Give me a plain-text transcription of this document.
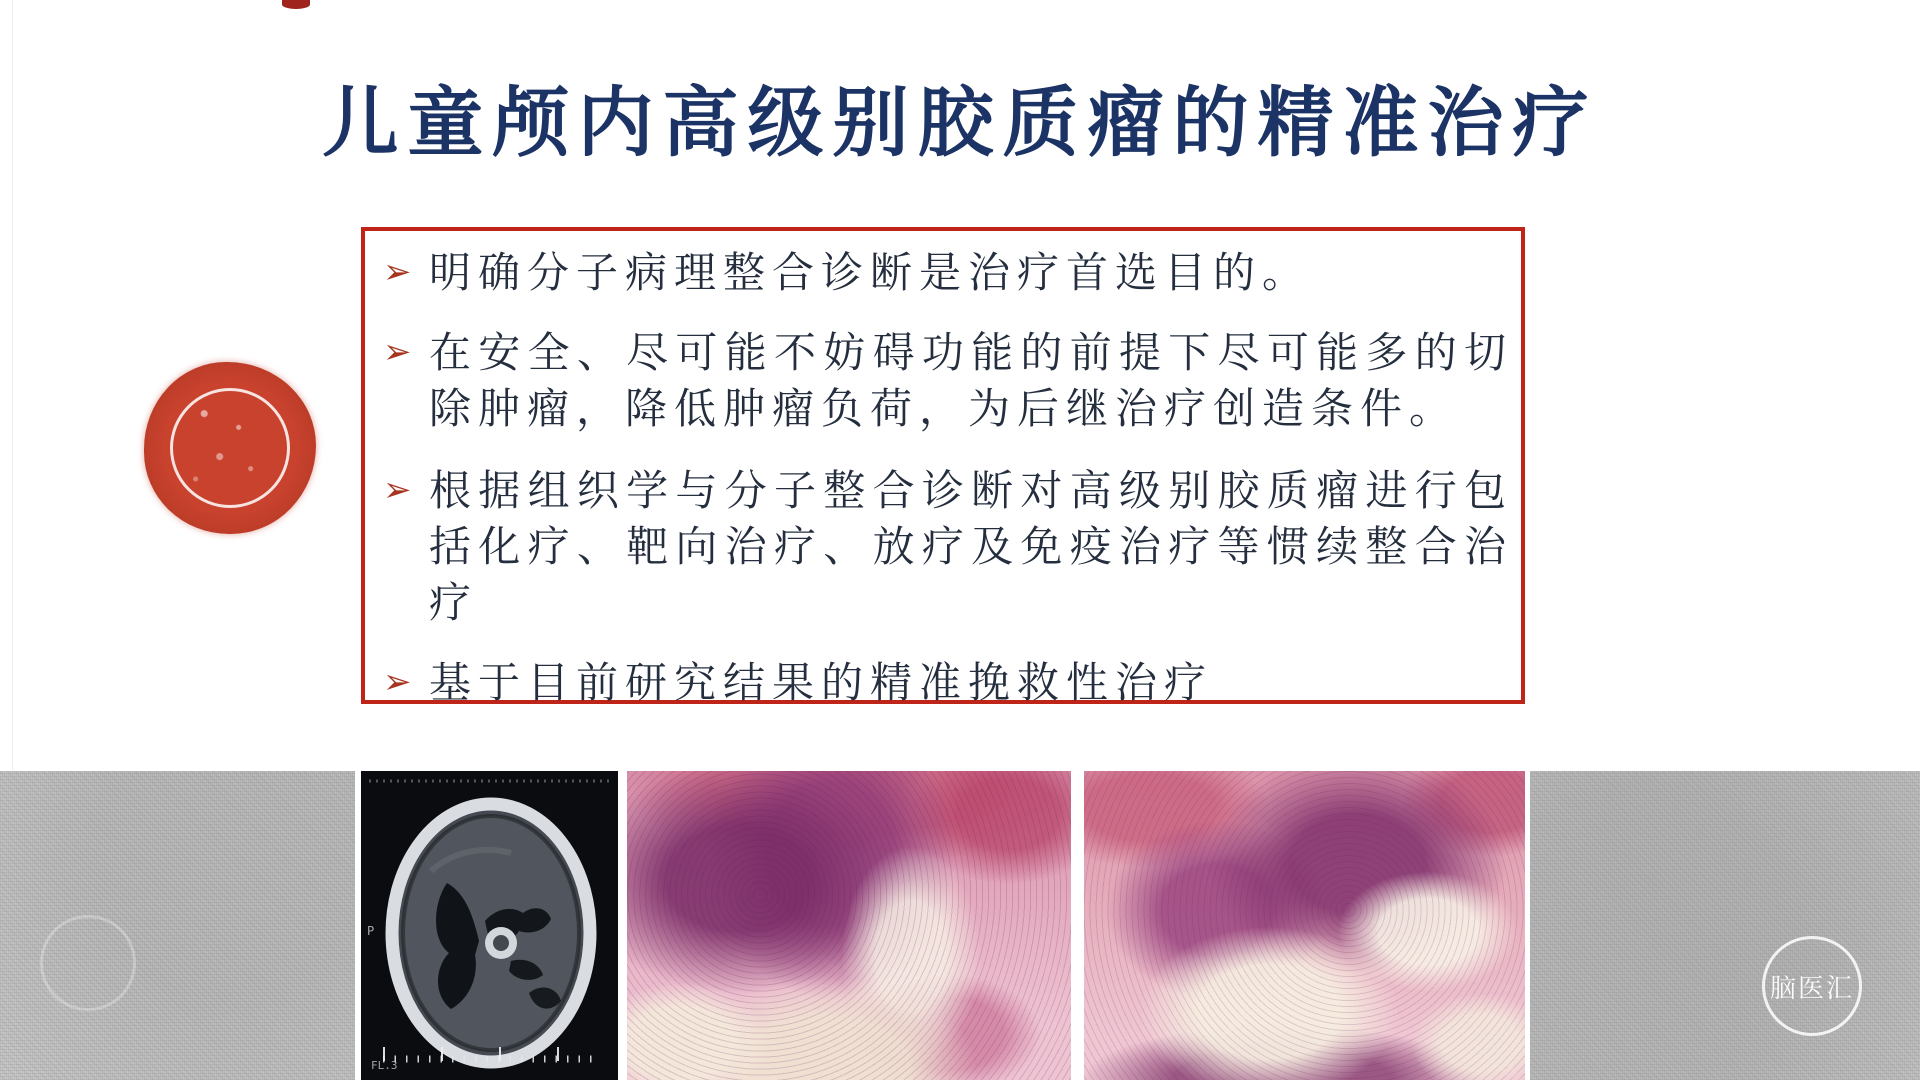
儿童颅内高级别胶质瘤的精准治疗
➢ 明确分子病理整合诊断是治疗首选目的。
➢ 在安全、尽可能不妨碍功能的前提下尽可能多的切除肿瘤，降低肿瘤负荷，为后继治疗创造条件。
➢ 根据组织学与分子整合诊断对高级别胶质瘤进行包括化疗、靶向治疗、放疗及免疫治疗等惯续整合治疗
➢ 基于目前研究结果的精准挽救性治疗
P
FL.3
脑医汇
